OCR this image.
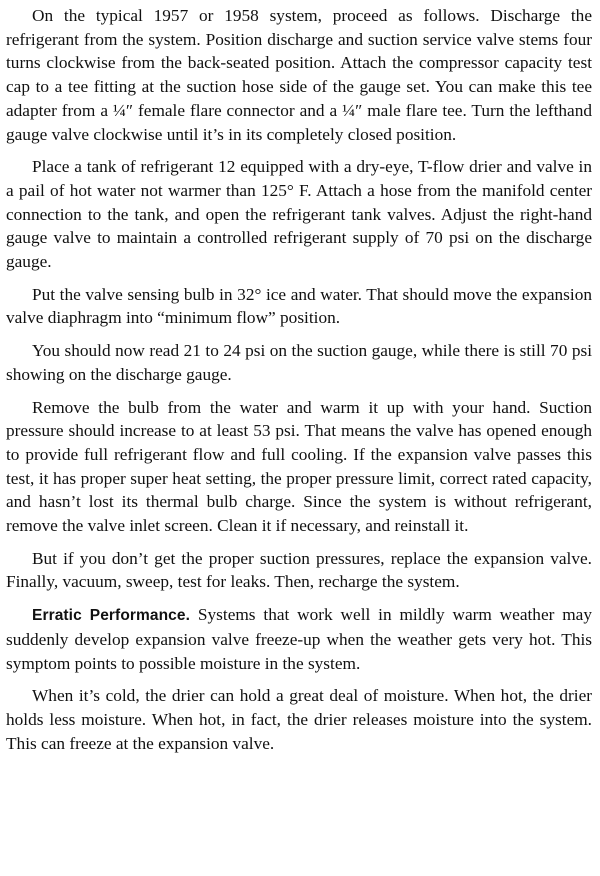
On the typical 1957 or 1958 system, proceed as follows. Discharge the refrigerant from the system. Position discharge and suction service valve stems four turns clockwise from the back-seated position. Attach the compressor capacity test cap to a tee fitting at the suction hose side of the gauge set. You can make this tee adapter from a ¼″ female flare connector and a ¼″ male flare tee. Turn the lefthand gauge valve clockwise until it’s in its completely closed position.

Place a tank of refrigerant 12 equipped with a dry-eye, T-flow drier and valve in a pail of hot water not warmer than 125° F. Attach a hose from the manifold center connection to the tank, and open the refrigerant tank valves. Adjust the right-hand gauge valve to maintain a controlled refrigerant supply of 70 psi on the discharge gauge.

Put the valve sensing bulb in 32° ice and water. That should move the expansion valve diaphragm into “minimum flow” position.

You should now read 21 to 24 psi on the suction gauge, while there is still 70 psi showing on the discharge gauge.

Remove the bulb from the water and warm it up with your hand. Suction pressure should increase to at least 53 psi. That means the valve has opened enough to provide full refrigerant flow and full cooling. If the expansion valve passes this test, it has proper super heat setting, the proper pressure limit, correct rated capacity, and hasn’t lost its thermal bulb charge. Since the system is without refrigerant, remove the valve inlet screen. Clean it if necessary, and reinstall it.

But if you don’t get the proper suction pressures, replace the expansion valve. Finally, vacuum, sweep, test for leaks. Then, recharge the system.

Erratic Performance. Systems that work well in mildly warm weather may suddenly develop expansion valve freeze-up when the weather gets very hot. This symptom points to possible moisture in the system.

When it’s cold, the drier can hold a great deal of moisture. When hot, the drier holds less moisture. When hot, in fact, the drier releases moisture into the system. This can freeze at the expansion valve.
